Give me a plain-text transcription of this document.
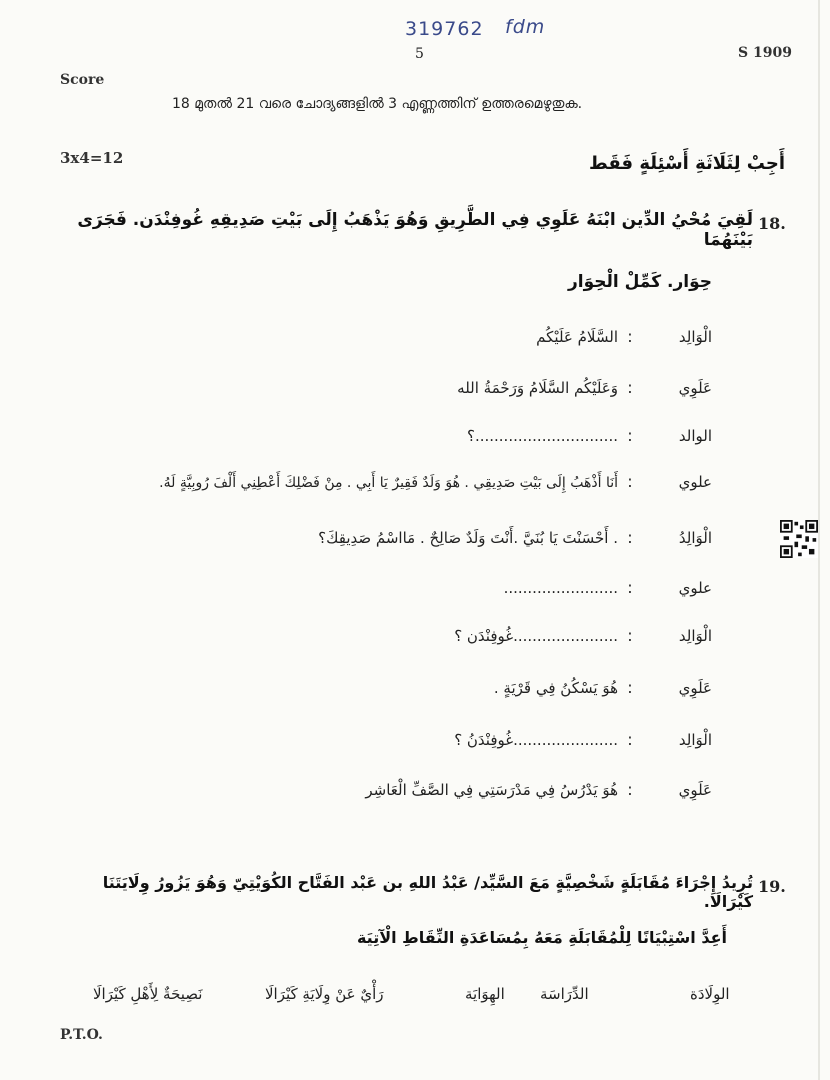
319762 fdm
5	S 1909
Score
18 മുതൽ 21 വരെ ചോദ്യങ്ങളിൽ 3 എണ്ണത്തിന് ഉത്തരമെഴുതുക.
3x4=12	أَجِبْ لِثَلَاثَةِ أَسْئِلَةٍ فَقَط
18.
لَقِيَ مُحْيُ الدِّين ابْنَهُ عَلَوِي فِي الطَّرِيقِ وَهُوَ يَذْهَبُ إِلَى بَيْتِ صَدِيقِهِ غُوفِنْدَن. فَجَرَى بَيْنَهُمَا
حِوَار. كَمِّلْ الْحِوَار
الْوَالِد:السَّلَامُ عَلَيْكُم
عَلَوِي:وَعَلَيْكُم السَّلَامُ وَرَحْمَةُ الله
الوالد:..............................؟
علوي:أَنَا أَذْهَبُ إِلَى بَيْتِ صَدِيقِي . هُوَ وَلَدٌ فَقِيرٌ يَا أَبِي . مِنْ فَضْلِكَ أَعْطِنِي أَلْفَ رُوبِيَّةٍ لَهُ.
الْوَالِدُ:. أَحْسَنْتَ يَا بُنَيَّ .أَنْتَ وَلَدٌ صَالِحٌ . مَااسْمُ صَدِيقِكَ؟
علوي:........................
الْوَالِد:......................غُوفِنْدَن ؟
عَلَوِي:هُوَ يَسْكُنُ فِي قَرْيَةٍ .
الْوَالِد:......................غُوفِنْدَنُ ؟
عَلَوِي:هُوَ يَدْرُسُ فِي مَدْرَسَتِي فِي الصَّفِّ الْعَاشِر
19.
تُرِيدُ إِجْرَاءَ مُقَابَلَةٍ شَخْصِيَّةٍ مَعَ السَّيِّد/ عَبْدُ اللهِ بن عَبْد الفَتَّاح الكُوَيْتِيّ وَهُوَ يَزُورُ وِلَايَتَنَا كَيْرَالَا.
أَعِدَّ اسْتِبْيَانًا لِلْمُقَابَلَةِ مَعَهُ بِمُسَاعَدَةِ النِّقَاطِ الْآتِيَة
الوِلَادَة
الدِّرَاسَة
الهِوَايَة
رَأْيٌ عَنْ وِلَايَةِ كَيْرَالَا
نَصِيحَةٌ لِأَهْلِ كَيْرَالَا
P.T.O.
